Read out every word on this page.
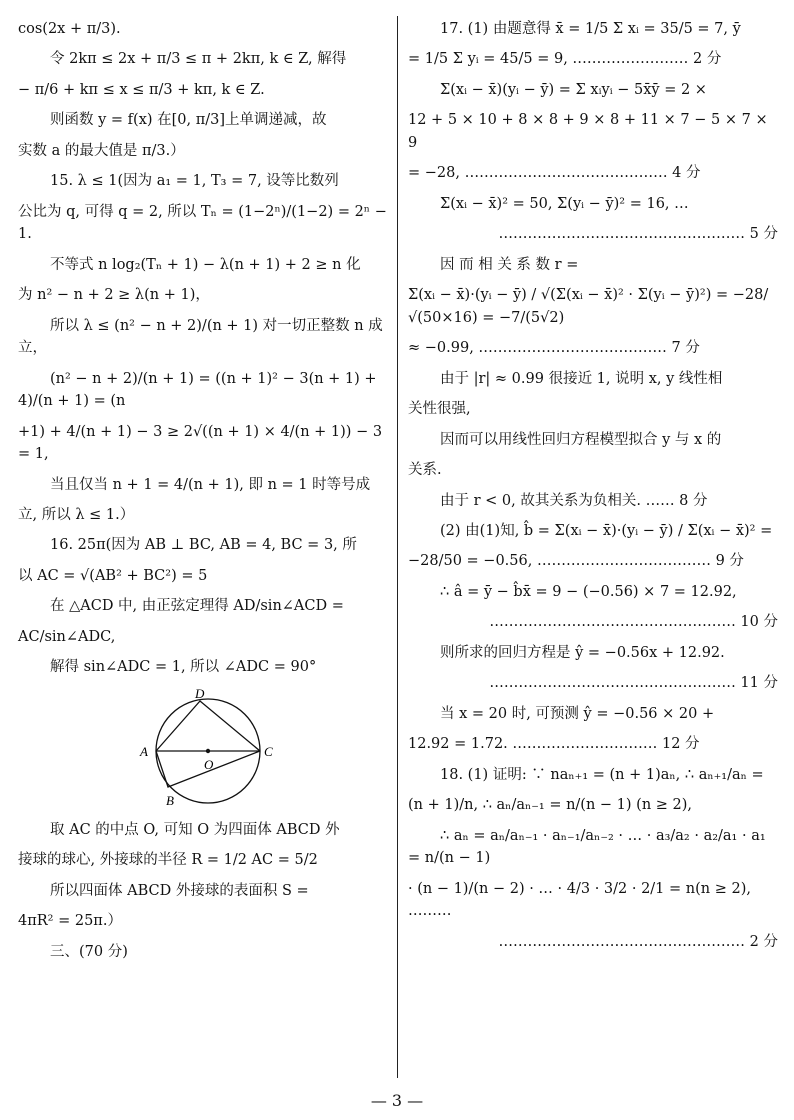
cos(2x + π/3).
令 2kπ ≤ 2x + π/3 ≤ π + 2kπ, k ∈ Z, 解得
− π/6 + kπ ≤ x ≤ π/3 + kπ, k ∈ Z.
则函数 y = f(x) 在[0, π/3]上单调递减，故
实数 a 的最大值是 π/3.）
15. λ ≤ 1(因为 a₁ = 1, T₃ = 7, 设等比数列
公比为 q, 可得 q = 2, 所以 Tₙ = (1−2ⁿ)/(1−2) = 2ⁿ − 1.
不等式 n log₂(Tₙ + 1) − λ(n + 1) + 2 ≥ n 化
为 n² − n + 2 ≥ λ(n + 1)，
所以 λ ≤ (n² − n + 2)/(n + 1) 对一切正整数 n 成立，
(n² − n + 2)/(n + 1) = ((n + 1)² − 3(n + 1) + 4)/(n + 1) = (n
+1) + 4/(n + 1) − 3 ≥ 2√((n + 1) × 4/(n + 1)) − 3 = 1,
当且仅当 n + 1 = 4/(n + 1), 即 n = 1 时等号成
立, 所以 λ ≤ 1.）
16. 25π(因为 AB ⊥ BC, AB = 4, BC = 3, 所
以 AC = √(AB² + BC²) = 5
在 △ACD 中, 由正弦定理得 AD/sin∠ACD =
AC/sin∠ADC,
解得 sin∠ADC = 1, 所以 ∠ADC = 90°
A
B
C
D
O
取 AC 的中点 O, 可知 O 为四面体 ABCD 外
接球的球心, 外接球的半径 R = 1/2 AC = 5/2
所以四面体 ABCD 外接球的表面积 S =
4πR² = 25π.）
三、(70 分)
17. (1) 由题意得 x̄ = 1/5 Σ xᵢ = 35/5 = 7, ȳ
= 1/5 Σ yᵢ = 45/5 = 9, …………………… 2 分
Σ(xᵢ − x̄)(yᵢ − ȳ) = Σ xᵢyᵢ − 5x̄ȳ = 2 ×
12 + 5 × 10 + 8 × 8 + 9 × 8 + 11 × 7 − 5 × 7 × 9
= −28, …………………………………… 4 分
Σ(xᵢ − x̄)² = 50, Σ(yᵢ − ȳ)² = 16, …
…………………………………………… 5 分
因 而 相 关 系 数 r =
Σ(xᵢ − x̄)·(yᵢ − ȳ) / √(Σ(xᵢ − x̄)² · Σ(yᵢ − ȳ)²) = −28/√(50×16) = −7/(5√2)
≈ −0.99, ………………………………… 7 分
由于 |r| ≈ 0.99 很接近 1, 说明 x, y 线性相
关性很强,
因而可以用线性回归方程模型拟合 y 与 x 的
关系.
由于 r < 0, 故其关系为负相关. …… 8 分
(2) 由(1)知, b̂ = Σ(xᵢ − x̄)·(yᵢ − ȳ) / Σ(xᵢ − x̄)² =
−28/50 = −0.56, ……………………………… 9 分
∴ â = ȳ − b̂x̄ = 9 − (−0.56) × 7 = 12.92,
…………………………………………… 10 分
则所求的回归方程是 ŷ = −0.56x + 12.92.
…………………………………………… 11 分
当 x = 20 时, 可预测 ŷ = −0.56 × 20 +
12.92 = 1.72. ………………………… 12 分
18. (1) 证明: ∵ naₙ₊₁ = (n + 1)aₙ, ∴ aₙ₊₁/aₙ =
(n + 1)/n, ∴ aₙ/aₙ₋₁ = n/(n − 1) (n ≥ 2),
∴ aₙ = aₙ/aₙ₋₁ · aₙ₋₁/aₙ₋₂ · … · a₃/a₂ · a₂/a₁ · a₁ = n/(n − 1)
· (n − 1)/(n − 2) · … · 4/3 · 3/2 · 2/1 = n(n ≥ 2), ………
…………………………………………… 2 分
— 3 —
